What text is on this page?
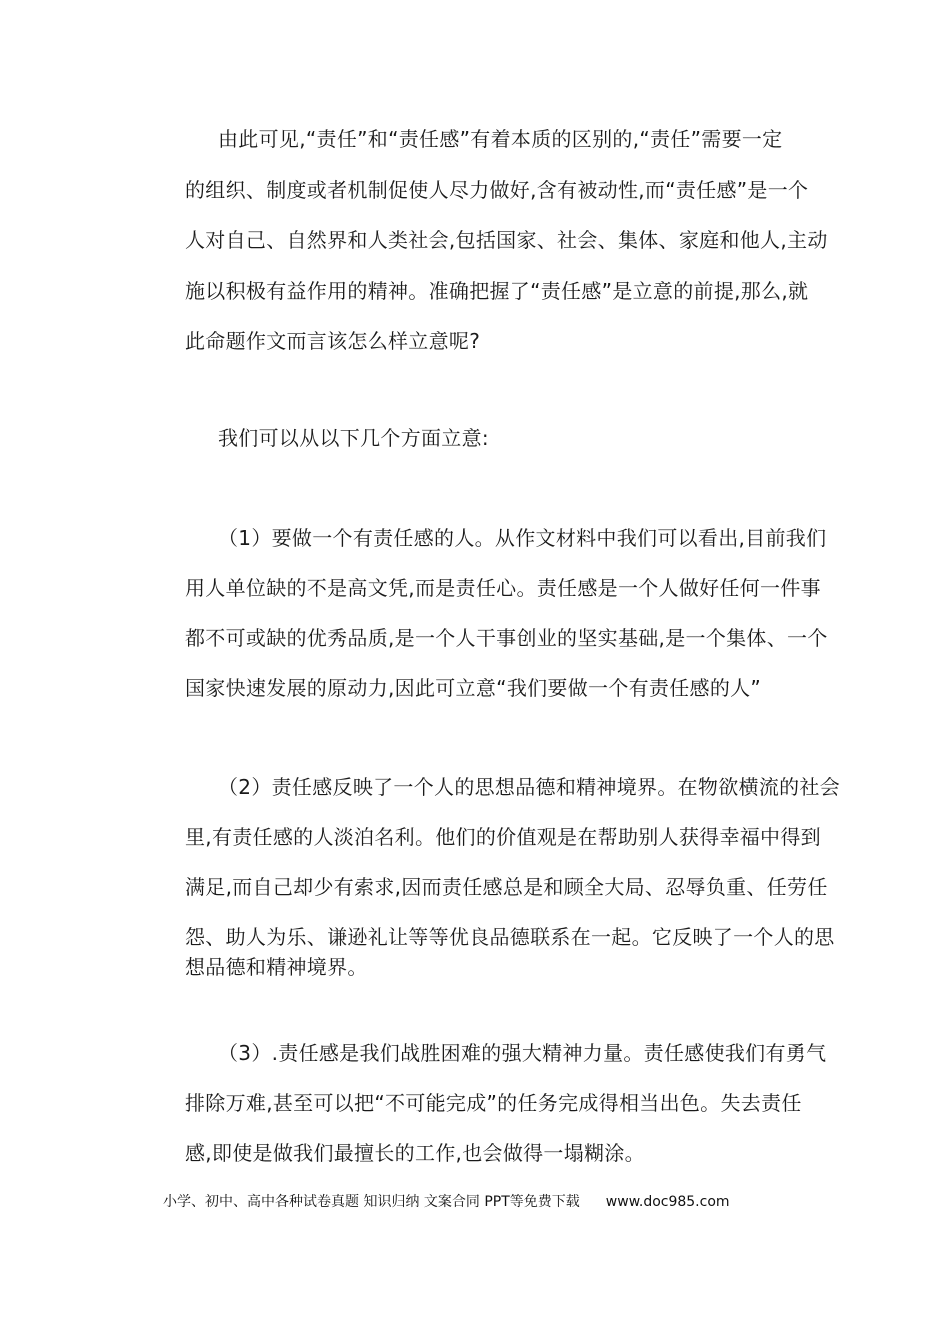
由此可见,“责任”和“责任感”有着本质的区别的,“责任”需要一定
的组织、制度或者机制促使人尽力做好,含有被动性,而“责任感”是一个
人对自己、自然界和人类社会,包括国家、社会、集体、家庭和他人,主动
施以积极有益作用的精神。准确把握了“责任感”是立意的前提,那么,就
此命题作文而言该怎么样立意呢?
我们可以从以下几个方面立意:
（1）要做一个有责任感的人。从作文材料中我们可以看出,目前我们
用人单位缺的不是高文凭,而是责任心。责任感是一个人做好任何一件事
都不可或缺的优秀品质,是一个人干事创业的坚实基础,是一个集体、一个
国家快速发展的原动力,因此可立意“我们要做一个有责任感的人”
（2）责任感反映了一个人的思想品德和精神境界。在物欲横流的社会
里,有责任感的人淡泊名利。他们的价值观是在帮助别人获得幸福中得到
满足,而自己却少有索求,因而责任感总是和顾全大局、忍辱负重、任劳任
怨、助人为乐、谦逊礼让等等优良品德联系在一起。它反映了一个人的思
想品德和精神境界。
（3）.责任感是我们战胜困难的强大精神力量。责任感使我们有勇气
排除万难,甚至可以把“不可能完成”的任务完成得相当出色。失去责任
感,即使是做我们最擅长的工作,也会做得一塌糊涂。
小学、初中、高中各种试卷真题 知识归纳 文案合同 PPT等免费下载 www.doc985.com
